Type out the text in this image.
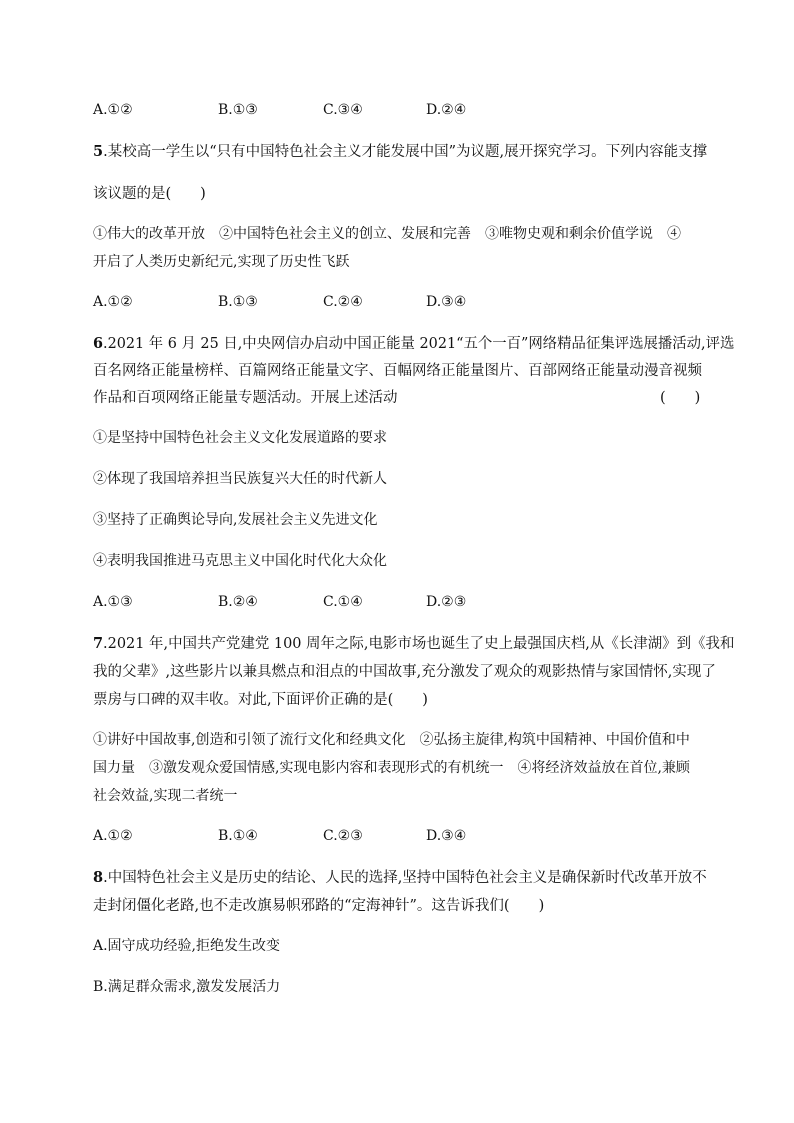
A.①②	B.①③	C.③④	D.②④
5.某校高一学生以“只有中国特色社会主义才能发展中国”为议题,展开探究学习。下列内容能支撑
该议题的是(　　)
①伟大的改革开放　②中国特色社会主义的创立、发展和完善　③唯物史观和剩余价值学说　④
开启了人类历史新纪元,实现了历史性飞跃
A.①②	B.①③	C.②④	D.③④
6.2021 年 6 月 25 日,中央网信办启动中国正能量 2021“五个一百”网络精品征集评选展播活动,评选
百名网络正能量榜样、百篇网络正能量文字、百幅网络正能量图片、百部网络正能量动漫音视频
作品和百项网络正能量专题活动。开展上述活动	(　　)
①是坚持中国特色社会主义文化发展道路的要求
②体现了我国培养担当民族复兴大任的时代新人
③坚持了正确舆论导向,发展社会主义先进文化
④表明我国推进马克思主义中国化时代化大众化
A.①③	B.②④	C.①④	D.②③
7.2021 年,中国共产党建党 100 周年之际,电影市场也诞生了史上最强国庆档,从《长津湖》到《我和
我的父辈》,这些影片以兼具燃点和泪点的中国故事,充分激发了观众的观影热情与家国情怀,实现了
票房与口碑的双丰收。对此,下面评价正确的是(　　)
①讲好中国故事,创造和引领了流行文化和经典文化　②弘扬主旋律,构筑中国精神、中国价值和中
国力量　③激发观众爱国情感,实现电影内容和表现形式的有机统一　④将经济效益放在首位,兼顾
社会效益,实现二者统一
A.①②	B.①④	C.②③	D.③④
8.中国特色社会主义是历史的结论、人民的选择,坚持中国特色社会主义是确保新时代改革开放不
走封闭僵化老路,也不走改旗易帜邪路的“定海神针”。这告诉我们(　　)
A.固守成功经验,拒绝发生改变
B.满足群众需求,激发发展活力
